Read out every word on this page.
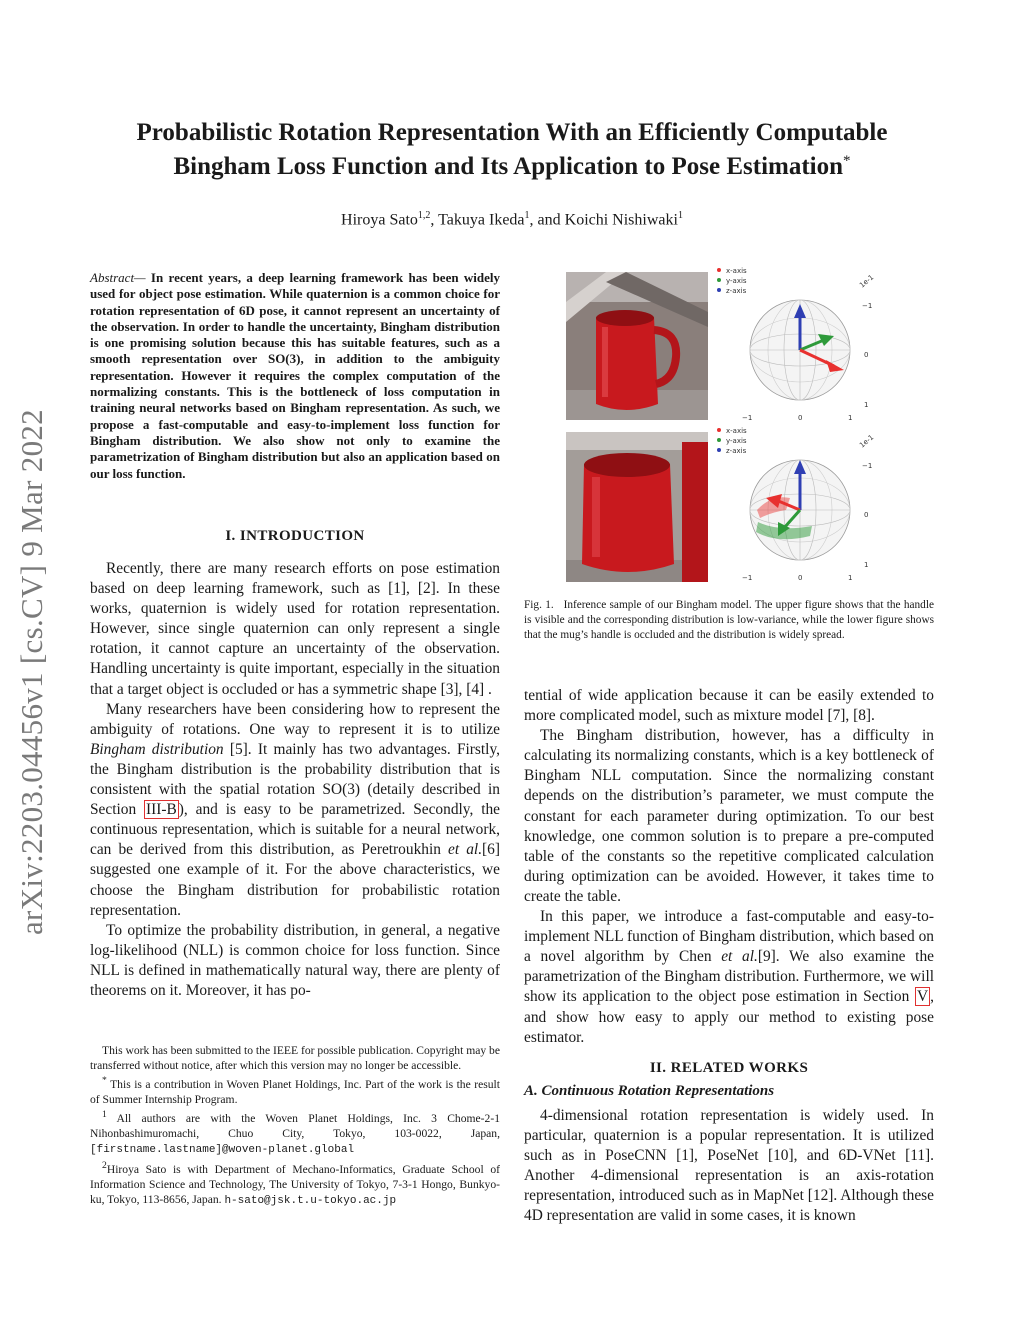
Probabilistic Rotation Representation With an Efficiently Computable
Bingham Loss Function and Its Application to Pose Estimation*
Hiroya Sato$^{1,2}$, Takuya Ikeda$^1$, and Koichi Nishiwaki$^1$
arXiv:2203.04456v1 [cs.CV] 9 Mar 2022
Abstract— In recent years, a deep learning framework has been widely used for object pose estimation. While quaternion is a common choice for rotation representation of 6D pose, it cannot represent an uncertainty of the observation. In order to handle the uncertainty, Bingham distribution is one promising solution because this has suitable features, such as a smooth representation over SO(3), in addition to the ambiguity representation. However it requires the complex computation of the normalizing constants. This is the bottleneck of loss computation in training neural networks based on Bingham representation. As such, we propose a fast-computable and easy-to-implement loss function for Bingham distribution. We also show not only to examine the parametrization of Bingham distribution but also an application based on our loss function.
I. INTRODUCTION

Recently, there are many research efforts on pose estimation based on deep learning framework, such as [1], [2]. In these works, quaternion is widely used for rotation representation. However, since single quaternion can only represent a single rotation, it cannot capture an uncertainty of the observation. Handling uncertainty is quite important, especially in the situation that a target object is occluded or has a symmetric shape [3], [4] .

Many researchers have been considering how to represent the ambiguity of rotations. One way to represent it is to utilize Bingham distribution [5]. It mainly has two advantages. Firstly, the Bingham distribution is the probability distribution that is consistent with the spatial rotation SO(3) (detaily described in Section III-B ), and is easy to be parametrized. Secondly, the continuous representation, which is suitable for a neural network, can be derived from this distribution, as Peretroukhin et al.[6] suggested one example of it. For the above characteristics, we choose the Bingham distribution for probabilistic rotation representation.

To optimize the probability distribution, in general, a negative log-likelihood (NLL) is common choice for loss function. Since NLL is defined in mathematically natural way, there are plenty of theorems on it. Moreover, it has po-

This work has been submitted to the IEEE for possible publication. Copyright may be transferred without notice, after which this version may no longer be accessible.

* This is a contribution in Woven Planet Holdings, Inc. Part of the work is the result of Summer Internship Program.

$^1$ All authors are with the Woven Planet Holdings, Inc. 3 Chome-2-1 Nihonbashimuromachi, Chuo City, Tokyo, 103-0022, Japan, [firstname.lastname]@woven-planet.global

$^2$Hiroya Sato is with Department of Mechano-Informatics, Graduate School of Information Science and Technology, The University of Tokyo, 7-3-1 Hongo, Bunkyo-ku, Tokyo, 113-8656, Japan. h-sato@jsk.t.u-tokyo.ac.jp

x-axis
y-axis
z-axis
−1	0	1
−1
0
1
1e-1
x-axis
y-axis
z-axis
−1	0	1
−1
0
1
1e-1
Fig. 1. Inference sample of our Bingham model. The upper figure shows that the handle is visible and the corresponding distribution is low-variance, while the lower figure shows that the mug’s handle is occluded and the distribution is widely spread.

tential of wide application because it can be easily extended to more complicated model, such as mixture model [7], [8].

The Bingham distribution, however, has a difficulty in calculating its normalizing constants, which is a key bottleneck of Bingham NLL computation. Since the normalizing constant depends on the distribution’s parameter, we must compute the constant for each parameter during optimization. To our best knowledge, one common solution is to prepare a pre-computed table of the constants so the repetitive complicated calculation during optimization can be avoided. However, it takes time to create the table.

In this paper, we introduce a fast-computable and easy-to-implement NLL function of Bingham distribution, which based on a novel algorithm by Chen et al.[9]. We also examine the parametrization of the Bingham distribution. Furthermore, we will show its application to the object pose estimation in Section V , and show how easy to apply our method to existing pose estimator.

II. RELATED WORKS
A. Continuous Rotation Representations

4-dimensional rotation representation is widely used. In particular, quaternion is a popular representation. It is utilized such as in PoseCNN [1], PoseNet [10], and 6D-VNet [11]. Another 4-dimensional representation is an axis-rotation representation, introduced such as in MapNet [12]. Although these 4D representation are valid in some cases, it is known
